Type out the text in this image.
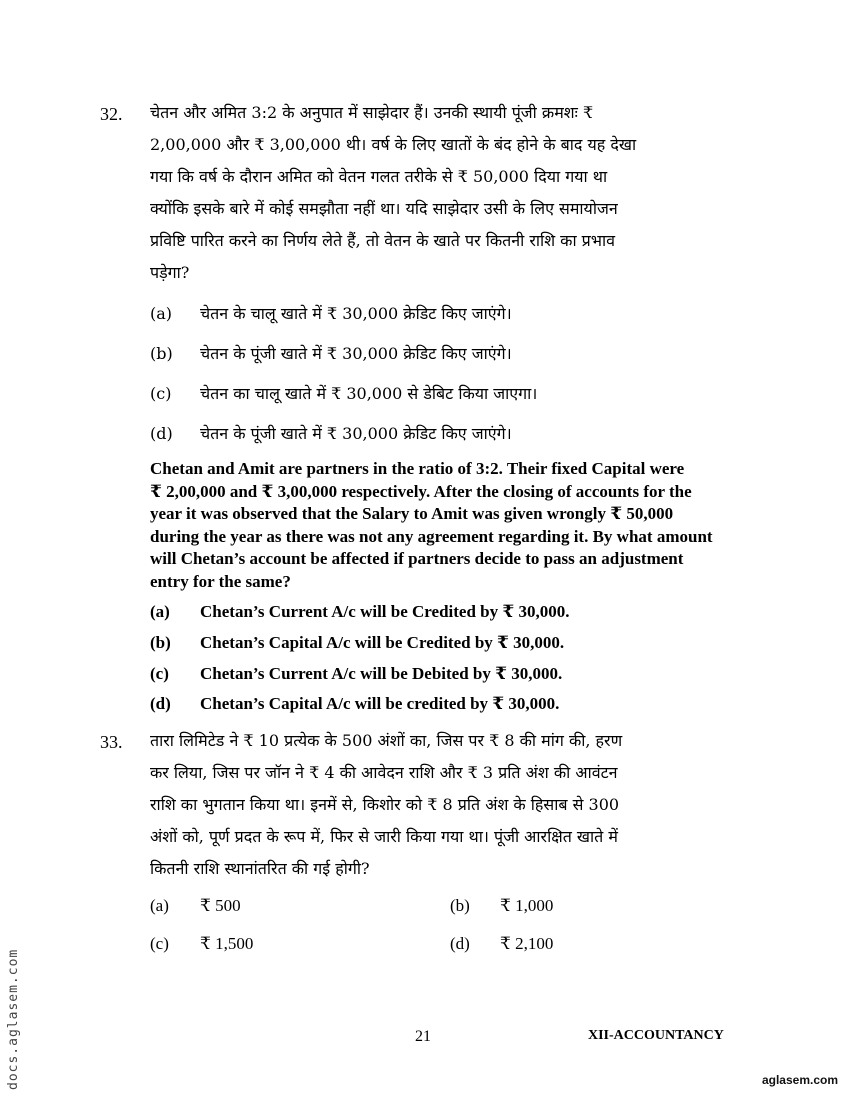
32. चेतन और अमित 3:2 के अनुपात में साझेदार हैं। उनकी स्थायी पूंजी क्रमशः ₹
2,00,000 और ₹ 3,00,000 थी। वर्ष के लिए खातों के बंद होने के बाद यह देखा
गया कि वर्ष के दौरान अमित को वेतन गलत तरीके से ₹ 50,000 दिया गया था
क्योंकि इसके बारे में कोई समझौता नहीं था। यदि साझेदार उसी के लिए समायोजन
प्रविष्टि पारित करने का निर्णय लेते हैं, तो वेतन के खाते पर कितनी राशि का प्रभाव
पड़ेगा?
(a) चेतन के चालू खाते में ₹ 30,000 क्रेडिट किए जाएंगे।
(b) चेतन के पूंजी खाते में ₹ 30,000 क्रेडिट किए जाएंगे।
(c) चेतन का चालू खाते में ₹ 30,000 से डेबिट किया जाएगा।
(d) चेतन के पूंजी खाते में ₹ 30,000 क्रेडिट किए जाएंगे।
Chetan and Amit are partners in the ratio of 3:2. Their fixed Capital were
₹ 2,00,000 and ₹ 3,00,000 respectively. After the closing of accounts for the
year it was observed that the Salary to Amit was given wrongly ₹ 50,000
during the year as there was not any agreement regarding it. By what amount
will Chetan’s account be affected if partners decide to pass an adjustment
entry for the same?
(a) Chetan’s Current A/c will be Credited by ₹ 30,000.
(b) Chetan’s Capital A/c will be Credited by ₹ 30,000.
(c) Chetan’s Current A/c will be Debited by ₹ 30,000.
(d) Chetan’s Capital A/c will be credited by ₹ 30,000.
33. तारा लिमिटेड ने ₹ 10 प्रत्येक के 500 अंशों का, जिस पर ₹ 8 की मांग की, हरण
कर लिया, जिस पर जॉन ने ₹ 4 की आवेदन राशि और ₹ 3 प्रति अंश की आवंटन
राशि का भुगतान किया था। इनमें से, किशोर को ₹ 8 प्रति अंश के हिसाब से 300
अंशों को, पूर्ण प्रदत के रूप में, फिर से जारी किया गया था। पूंजी आरक्षित खाते में
कितनी राशि स्थानांतरित की गई होगी?
(a) ₹ 500	(b) ₹ 1,000
(c) ₹ 1,500	(d) ₹ 2,100
21	XII-ACCOUNTANCY
docs.aglasem.com	aglasem.com
